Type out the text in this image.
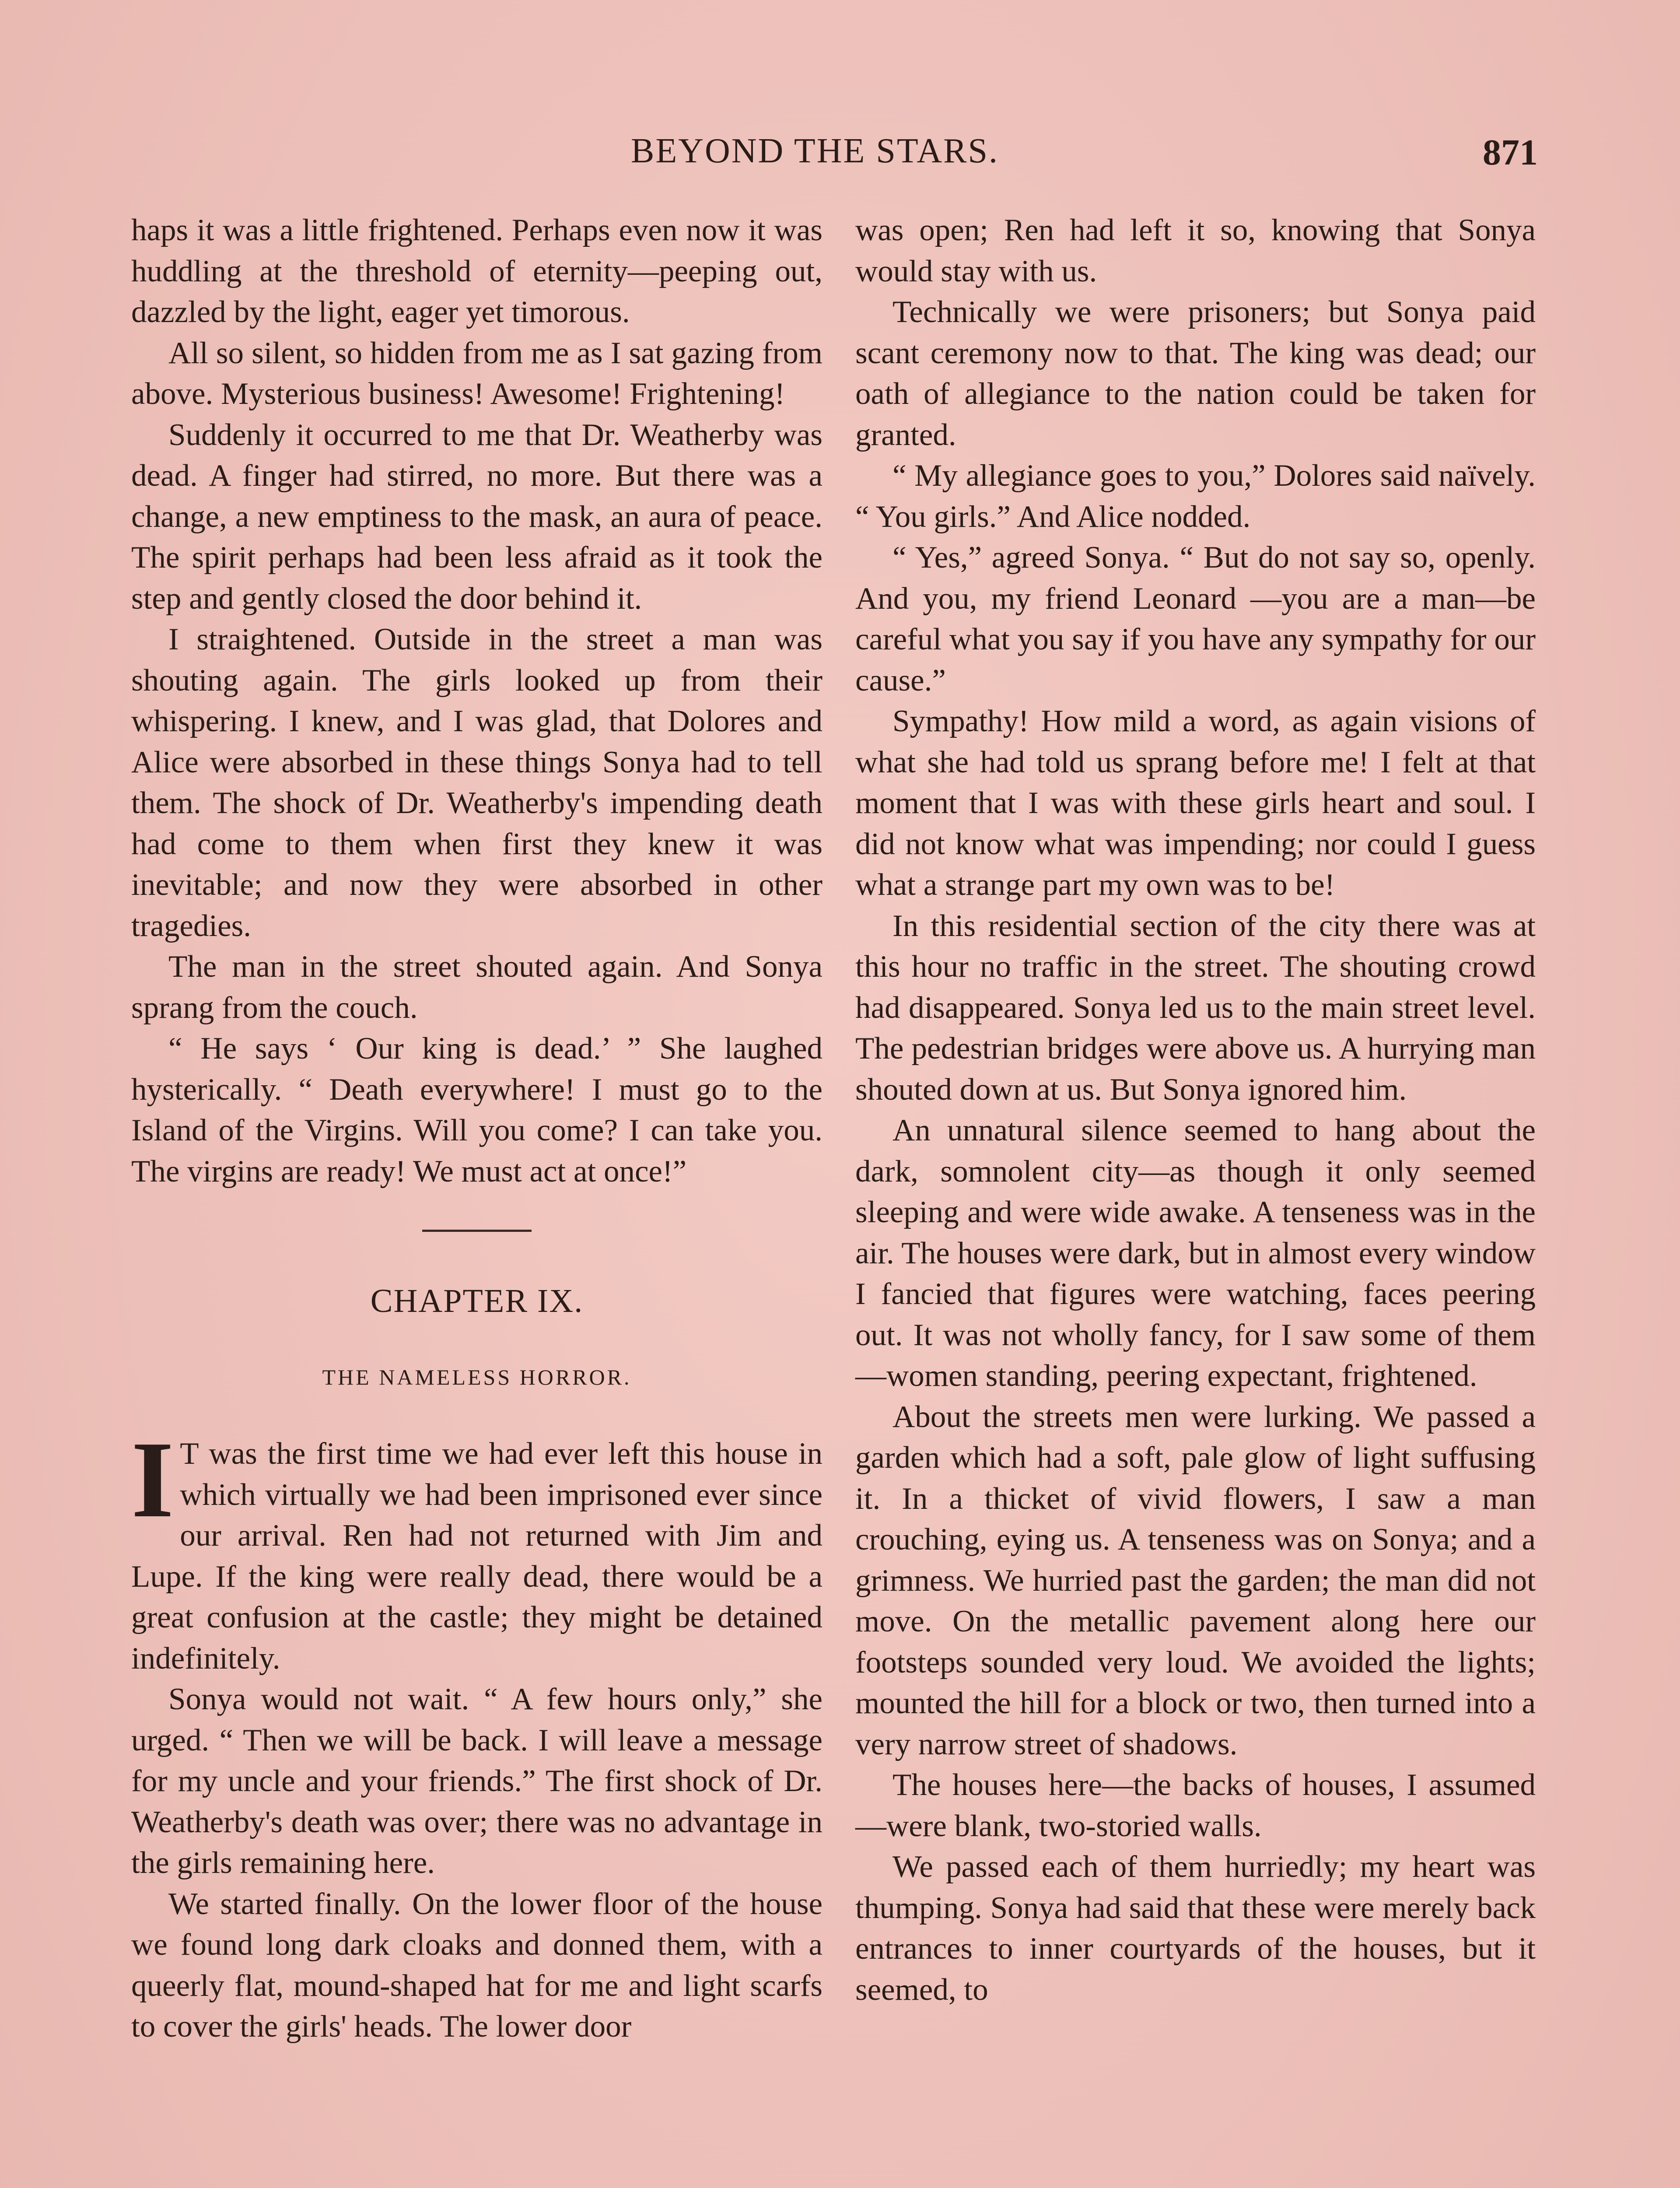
BEYOND THE STARS.	871

haps it was a little frightened. Perhaps even now it was huddling at the threshold of eternity—peeping out, dazzled by the light, eager yet timorous.

All so silent, so hidden from me as I sat gazing from above. Mysterious business! Awesome! Frightening!

Suddenly it occurred to me that Dr. Weatherby was dead. A finger had stirred, no more. But there was a change, a new emptiness to the mask, an aura of peace. The spirit perhaps had been less afraid as it took the step and gently closed the door behind it.

I straightened. Outside in the street a man was shouting again. The girls looked up from their whispering. I knew, and I was glad, that Dolores and Alice were absorbed in these things Sonya had to tell them. The shock of Dr. Weatherby's impending death had come to them when first they knew it was inevitable; and now they were absorbed in other tragedies.

The man in the street shouted again. And Sonya sprang from the couch.

“ He says ‘ Our king is dead.’ ” She laughed hysterically. “ Death everywhere! I must go to the Island of the Virgins. Will you come? I can take you. The virgins are ready! We must act at once!”

CHAPTER IX.
THE NAMELESS HORROR.

I T was the first time we had ever left this house in which virtually we had been imprisoned ever since our arrival. Ren had not returned with Jim and Lupe. If the king were really dead, there would be a great confusion at the castle; they might be detained indefinitely.

Sonya would not wait. “ A few hours only,” she urged. “ Then we will be back. I will leave a message for my uncle and your friends.” The first shock of Dr. Weatherby's death was over; there was no advantage in the girls remaining here.

We started finally. On the lower floor of the house we found long dark cloaks and donned them, with a queerly flat, mound-shaped hat for me and light scarfs to cover the girls' heads. The lower door

was open; Ren had left it so, knowing that Sonya would stay with us.

Technically we were prisoners; but Sonya paid scant ceremony now to that. The king was dead; our oath of allegiance to the nation could be taken for granted.

“ My allegiance goes to you,” Dolores said naïvely. “ You girls.” And Alice nodded.

“ Yes,” agreed Sonya. “ But do not say so, openly. And you, my friend Leonard —you are a man—be careful what you say if you have any sympathy for our cause.”

Sympathy! How mild a word, as again visions of what she had told us sprang before me! I felt at that moment that I was with these girls heart and soul. I did not know what was impending; nor could I guess what a strange part my own was to be!

In this residential section of the city there was at this hour no traffic in the street. The shouting crowd had disappeared. Sonya led us to the main street level. The pedestrian bridges were above us. A hurrying man shouted down at us. But Sonya ignored him.

An unnatural silence seemed to hang about the dark, somnolent city—as though it only seemed sleeping and were wide awake. A tenseness was in the air. The houses were dark, but in almost every window I fancied that figures were watching, faces peering out. It was not wholly fancy, for I saw some of them—women standing, peering expectant, frightened.

About the streets men were lurking. We passed a garden which had a soft, pale glow of light suffusing it. In a thicket of vivid flowers, I saw a man crouching, eying us. A tenseness was on Sonya; and a grimness. We hurried past the garden; the man did not move. On the metallic pavement along here our footsteps sounded very loud. We avoided the lights; mounted the hill for a block or two, then turned into a very narrow street of shadows.

The houses here—the backs of houses, I assumed—were blank, two-storied walls.

We passed each of them hurriedly; my heart was thumping. Sonya had said that these were merely back entrances to inner courtyards of the houses, but it seemed, to
